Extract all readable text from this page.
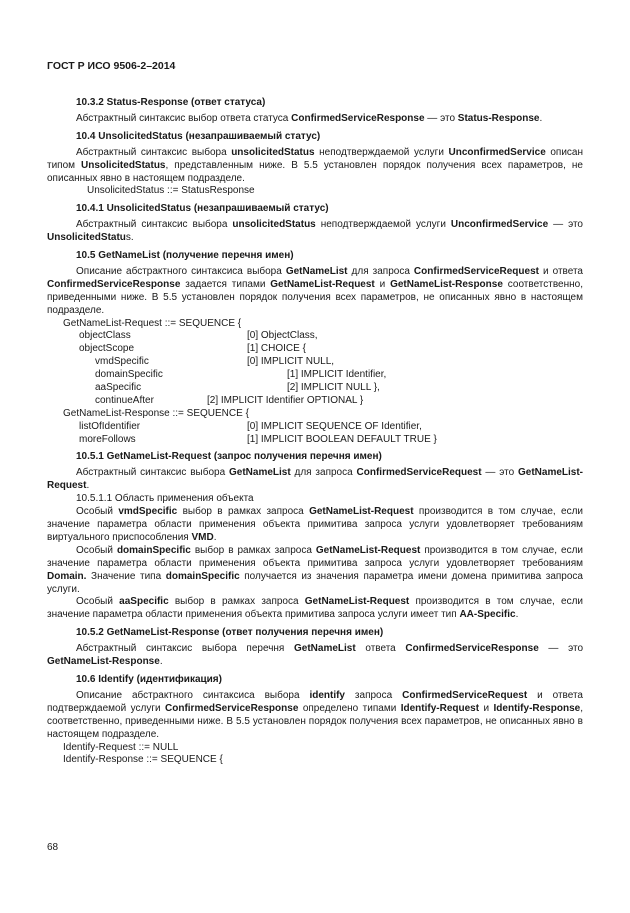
ГОСТ Р ИСО 9506-2–2014
10.3.2 Status-Response (ответ статуса)

Абстрактный синтаксис выбор ответа статуса ConfirmedServiceResponse — это Status-Response.

10.4 UnsolicitedStatus (незапрашиваемый статус)

Абстрактный синтаксис выбора unsolicitedStatus неподтверждаемой услуги UnconfirmedService описан типом UnsolicitedStatus, представленным ниже. В 5.5 установлен порядок получения всех параметров, не описанных явно в настоящем подразделе.

UnsolicitedStatus ::= StatusResponse
10.4.1 UnsolicitedStatus (незапрашиваемый статус)

Абстрактный синтаксис выбора unsolicitedStatus неподтверждаемой услуги UnconfirmedService — это UnsolicitedStatus.

10.5 GetNameList (получение перечня имен)

Описание абстрактного синтаксиса выбора GetNameList для запроса ConfirmedServiceRequest и ответа ConfirmedServiceResponse задается типами GetNameList-Request и GetNameList-Response соответственно, приведенными ниже. В 5.5 установлен порядок получения всех параметров, не описанных явно в настоящем подразделе.

GetNameList-Request ::= SEQUENCE {
objectClass	[0] ObjectClass,
objectScope	[1] CHOICE {
vmdSpecific	[0] IMPLICIT NULL,
domainSpecific	[1] IMPLICIT Identifier,
aaSpecific	[2] IMPLICIT NULL },
continueAfter	[2] IMPLICIT Identifier OPTIONAL }
GetNameList-Response ::= SEQUENCE {
listOfIdentifier	[0] IMPLICIT SEQUENCE OF Identifier,
moreFollows	[1] IMPLICIT BOOLEAN DEFAULT TRUE }
10.5.1 GetNameList-Request (запрос получения перечня имен)

Абстрактный синтаксис выбора GetNameList для запроса ConfirmedServiceRequest — это GetNameList-Request.

10.5.1.1 Область применения объекта

Особый vmdSpecific выбор в рамках запроса GetNameList-Request производится в том случае, если значение параметра области применения объекта примитива запроса услуги удовлетворяет требованиям виртуального приспособления VMD.

Особый domainSpecific выбор в рамках запроса GetNameList-Request производится в том случае, если значение параметра области применения объекта примитива запроса услуги удовлетворяет требованиям Domain. Значение типа domainSpecific получается из значения параметра имени домена примитива запроса услуги.

Особый aaSpecific выбор в рамках запроса GetNameList-Request производится в том случае, если значение параметра области применения объекта примитива запроса услуги имеет тип AA-Specific.

10.5.2 GetNameList-Response (ответ получения перечня имен)

Абстрактный синтаксис выбора перечня GetNameList ответа ConfirmedServiceResponse — это GetNameList-Response.

10.6 Identify (идентификация)

Описание абстрактного синтаксиса выбора identify запроса ConfirmedServiceRequest и ответа подтверждаемой услуги ConfirmedServiceResponse определено типами Identify-Request и Identify-Response, соответственно, приведенными ниже. В 5.5 установлен порядок получения всех параметров, не описанных явно в настоящем подразделе.

Identify-Request ::= NULL
Identify-Response ::= SEQUENCE {
68
